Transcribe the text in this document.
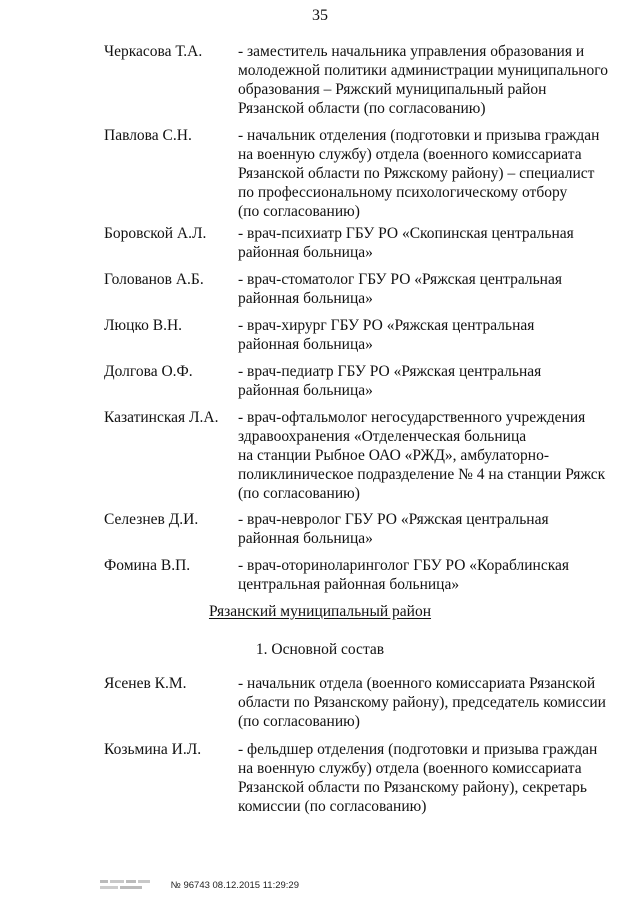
35
Черкасова Т.А. - заместитель начальника управления образования и
молодежной политики администрации муниципального
образования – Ряжский муниципальный район
Рязанской области (по согласованию)
Павлова С.Н.	- начальник отделения (подготовки и призыва граждан
на военную службу) отдела (военного комиссариата
Рязанской области по Ряжскому району) – специалист
по профессиональному психологическому отбору
(по согласованию)
Боровской А.Л. - врач-психиатр ГБУ РО «Скопинская центральная
районная больница»
Голованов А.Б. - врач-стоматолог ГБУ РО «Ряжская центральная
районная больница»
Люцко В.Н.	- врач-хирург ГБУ РО «Ряжская центральная
районная больница»
Долгова О.Ф.	- врач-педиатр ГБУ РО «Ряжская центральная
районная больница»
Казатинская Л.А. - врач-офтальмолог негосударственного учреждения
здравоохранения «Отделенческая больница
на станции Рыбное ОАО «РЖД», амбулаторно-
поликлиническое подразделение № 4 на станции Ряжск
(по согласованию)
Селезнев Д.И.	- врач-невролог ГБУ РО «Ряжская центральная
районная больница»
Фомина В.П.	- врач-оториноларинголог ГБУ РО «Кораблинская
центральная районная больница»
Рязанский муниципальный район
1. Основной состав
Ясенев К.М.	- начальник отдела (военного комиссариата Рязанской
области по Рязанскому району), председатель комиссии
(по согласованию)
Козьмина И.Л. - фельдшер отделения (подготовки и призыва граждан
на военную службу) отдела (военного комиссариата
Рязанской области по Рязанскому району), секретарь
комиссии (по согласованию)
№ 96743 08.12.2015 11:29:29
